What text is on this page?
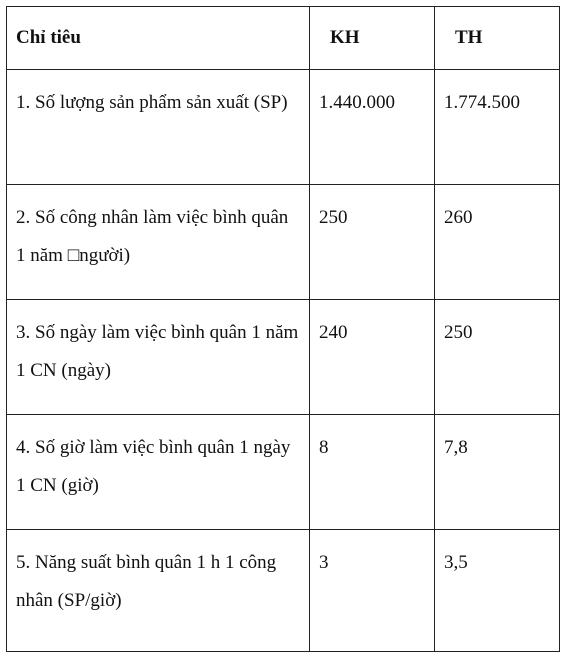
Chỉ tiêu	KH	TH
1. Số lượng sản phẩm sản xuất (SP)	1.440.000	1.774.500
2. Số công nhân làm việc bình quân 1 năm □người)	250	260
3. Số ngày làm việc bình quân 1 năm 1 CN (ngày)	240	250
4. Số giờ làm việc bình quân 1 ngày 1 CN (giờ)	8	7,8
5. Năng suất bình quân 1 h 1 công nhân (SP/giờ)	3	3,5
